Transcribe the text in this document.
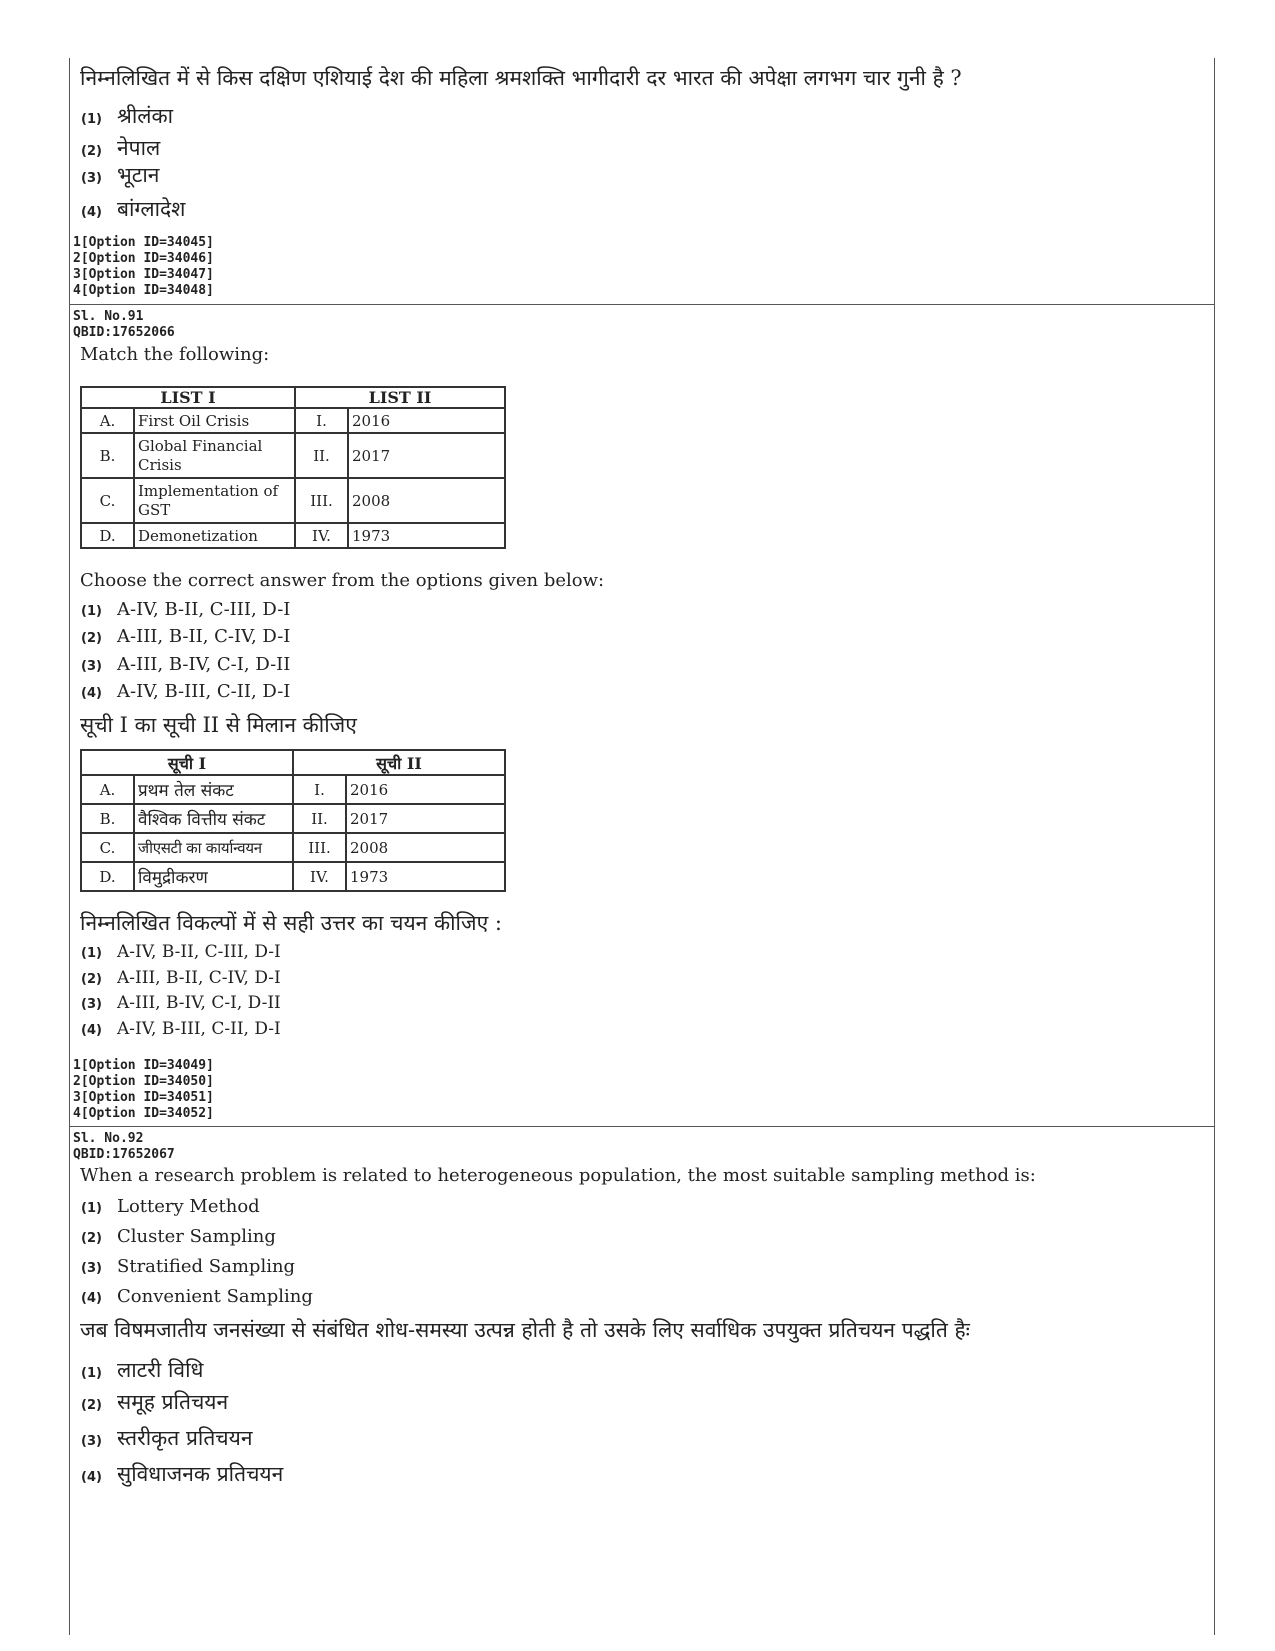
निम्नलिखित में से किस दक्षिण एशियाई देश की महिला श्रमशक्ति भागीदारी दर भारत की अपेक्षा लगभग चार गुनी है ?
(1) श्रीलंका
(2) नेपाल
(3) भूटान
(4) बांग्लादेश
1[Option ID=34045]
2[Option ID=34046]
3[Option ID=34047]
4[Option ID=34048]
Sl. No.91
QBID:17652066
Match the following:
LIST I		LIST II	
A.	First Oil Crisis	I.	2016
B.	Global Financial Crisis	II.	2017
C.	Implementation of GST	III.	2008
D.	Demonetization	IV.	1973
Choose the correct answer from the options given below:
(1) A-IV, B-II, C-III, D-I
(2) A-III, B-II, C-IV, D-I
(3) A-III, B-IV, C-I, D-II
(4) A-IV, B-III, C-II, D-I
सूची I का सूची II से मिलान कीजिए
सूची I		सूची II	
A.	प्रथम तेल संकट	I.	2016
B.	वैश्विक वित्तीय संकट	II.	2017
C.	जीएसटी का कार्यान्वयन	III.	2008
D.	विमुद्रीकरण	IV.	1973
निम्नलिखित विकल्पों में से सही उत्तर का चयन कीजिए :
(1) A-IV, B-II, C-III, D-I
(2) A-III, B-II, C-IV, D-I
(3) A-III, B-IV, C-I, D-II
(4) A-IV, B-III, C-II, D-I
1[Option ID=34049]
2[Option ID=34050]
3[Option ID=34051]
4[Option ID=34052]
Sl. No.92
QBID:17652067
When a research problem is related to heterogeneous population, the most suitable sampling method is:
(1) Lottery Method
(2) Cluster Sampling
(3) Stratified Sampling
(4) Convenient Sampling
जब विषमजातीय जनसंख्या से संबंधित शोध-समस्या उत्पन्न होती है तो उसके लिए सर्वाधिक उपयुक्त प्रतिचयन पद्धति हैः
(1) लाटरी विधि
(2) समूह प्रतिचयन
(3) स्तरीकृत प्रतिचयन
(4) सुविधाजनक प्रतिचयन
